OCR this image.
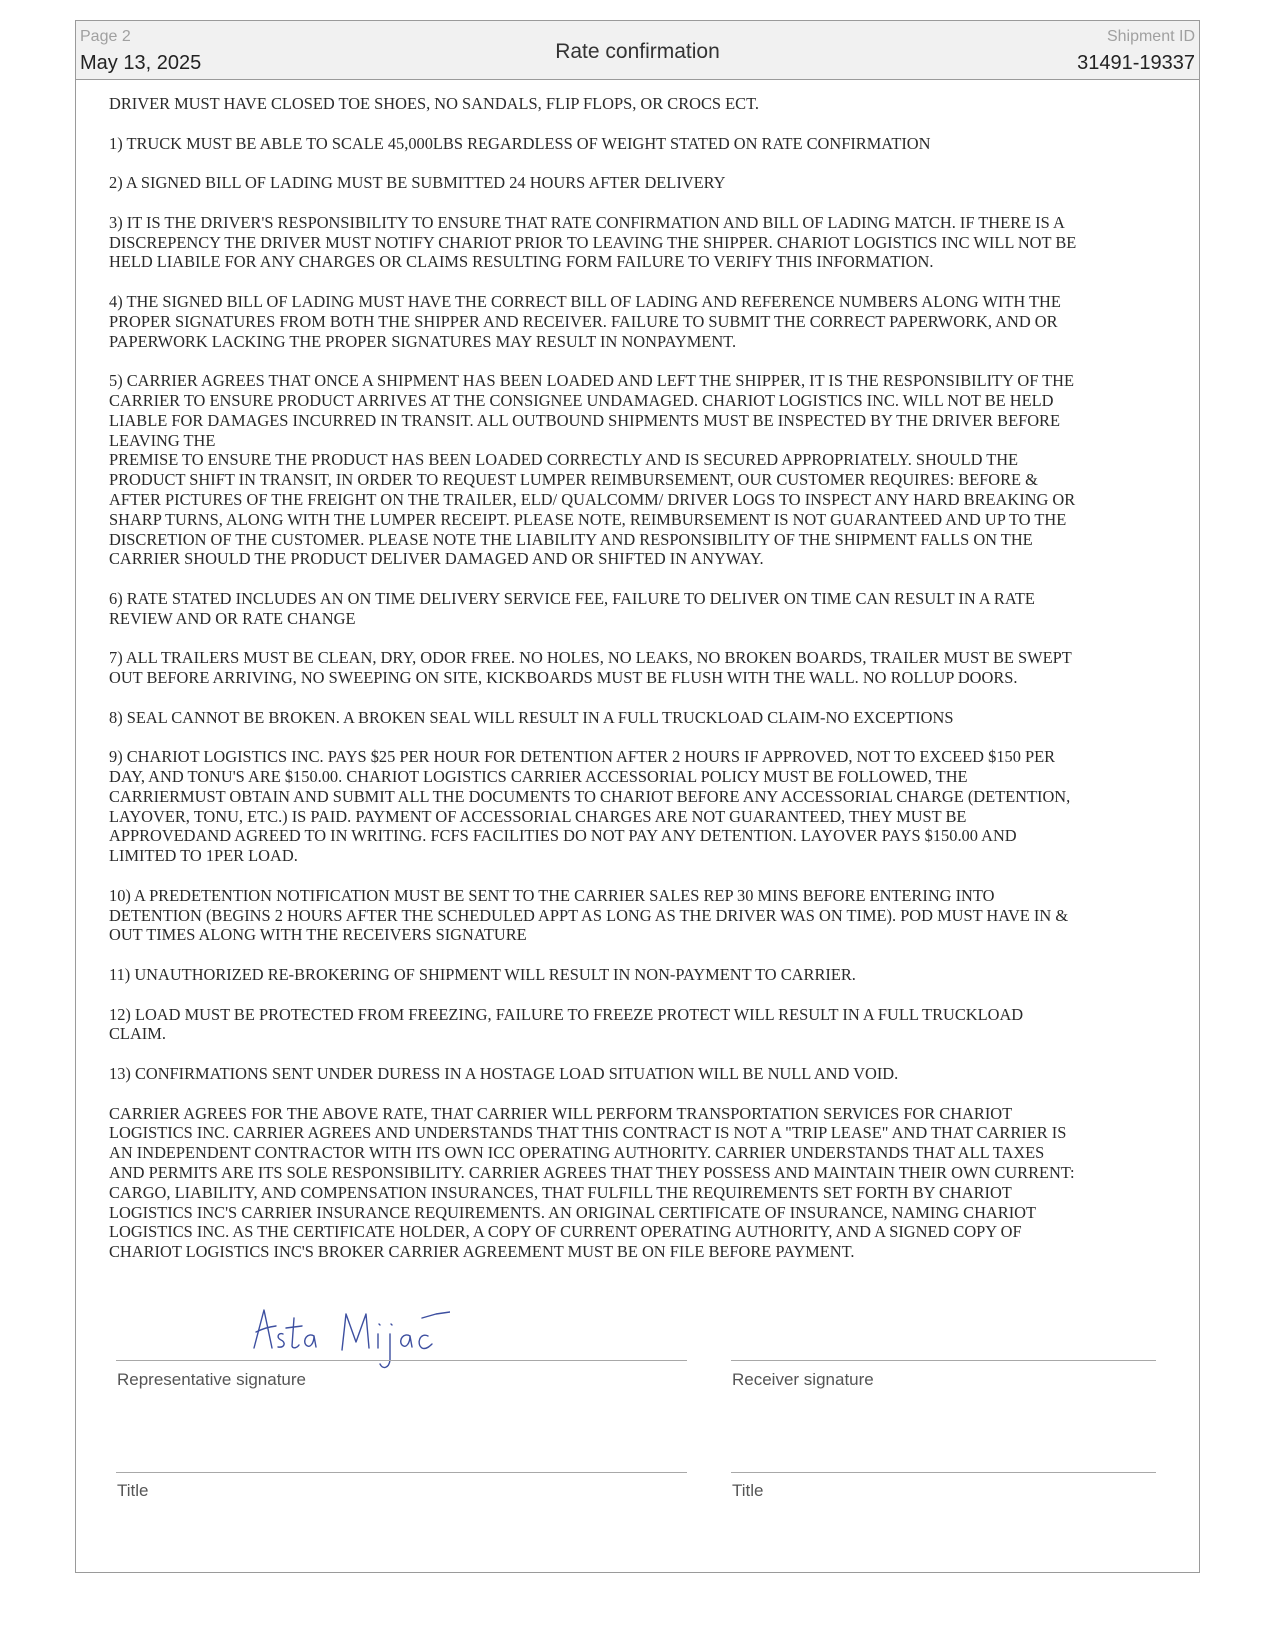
Page 2
May 13, 2025	Rate confirmation
Shipment ID
31491-19337

DRIVER MUST HAVE CLOSED TOE SHOES, NO SANDALS, FLIP FLOPS, OR CROCS ECT.

1) TRUCK MUST BE ABLE TO SCALE 45,000LBS REGARDLESS OF WEIGHT STATED ON RATE CONFIRMATION

2) A SIGNED BILL OF LADING MUST BE SUBMITTED 24 HOURS AFTER DELIVERY

3) IT IS THE DRIVER'S RESPONSIBILITY TO ENSURE THAT RATE CONFIRMATION AND BILL OF LADING MATCH. IF THERE IS A
DISCREPENCY THE DRIVER MUST NOTIFY CHARIOT PRIOR TO LEAVING THE SHIPPER. CHARIOT LOGISTICS INC WILL NOT BE
HELD LIABILE FOR ANY CHARGES OR CLAIMS RESULTING FORM FAILURE TO VERIFY THIS INFORMATION.

4) THE SIGNED BILL OF LADING MUST HAVE THE CORRECT BILL OF LADING AND REFERENCE NUMBERS ALONG WITH THE
PROPER SIGNATURES FROM BOTH THE SHIPPER AND RECEIVER. FAILURE TO SUBMIT THE CORRECT PAPERWORK, AND OR
PAPERWORK LACKING THE PROPER SIGNATURES MAY RESULT IN NONPAYMENT.

5) CARRIER AGREES THAT ONCE A SHIPMENT HAS BEEN LOADED AND LEFT THE SHIPPER, IT IS THE RESPONSIBILITY OF THE
CARRIER TO ENSURE PRODUCT ARRIVES AT THE CONSIGNEE UNDAMAGED. CHARIOT LOGISTICS INC. WILL NOT BE HELD
LIABLE FOR DAMAGES INCURRED IN TRANSIT. ALL OUTBOUND SHIPMENTS MUST BE INSPECTED BY THE DRIVER BEFORE
LEAVING THE
PREMISE TO ENSURE THE PRODUCT HAS BEEN LOADED CORRECTLY AND IS SECURED APPROPRIATELY. SHOULD THE
PRODUCT SHIFT IN TRANSIT, IN ORDER TO REQUEST LUMPER REIMBURSEMENT, OUR CUSTOMER REQUIRES: BEFORE &
AFTER PICTURES OF THE FREIGHT ON THE TRAILER, ELD/ QUALCOMM/ DRIVER LOGS TO INSPECT ANY HARD BREAKING OR
SHARP TURNS, ALONG WITH THE LUMPER RECEIPT. PLEASE NOTE, REIMBURSEMENT IS NOT GUARANTEED AND UP TO THE
DISCRETION OF THE CUSTOMER. PLEASE NOTE THE LIABILITY AND RESPONSIBILITY OF THE SHIPMENT FALLS ON THE
CARRIER SHOULD THE PRODUCT DELIVER DAMAGED AND OR SHIFTED IN ANYWAY.

6) RATE STATED INCLUDES AN ON TIME DELIVERY SERVICE FEE, FAILURE TO DELIVER ON TIME CAN RESULT IN A RATE
REVIEW AND OR RATE CHANGE

7) ALL TRAILERS MUST BE CLEAN, DRY, ODOR FREE. NO HOLES, NO LEAKS, NO BROKEN BOARDS, TRAILER MUST BE SWEPT
OUT BEFORE ARRIVING, NO SWEEPING ON SITE, KICKBOARDS MUST BE FLUSH WITH THE WALL. NO ROLLUP DOORS.

8) SEAL CANNOT BE BROKEN. A BROKEN SEAL WILL RESULT IN A FULL TRUCKLOAD CLAIM-NO EXCEPTIONS

9) CHARIOT LOGISTICS INC. PAYS $25 PER HOUR FOR DETENTION AFTER 2 HOURS IF APPROVED, NOT TO EXCEED $150 PER
DAY, AND TONU'S ARE $150.00. CHARIOT LOGISTICS CARRIER ACCESSORIAL POLICY MUST BE FOLLOWED, THE
CARRIERMUST OBTAIN AND SUBMIT ALL THE DOCUMENTS TO CHARIOT BEFORE ANY ACCESSORIAL CHARGE (DETENTION,
LAYOVER, TONU, ETC.) IS PAID. PAYMENT OF ACCESSORIAL CHARGES ARE NOT GUARANTEED, THEY MUST BE
APPROVEDAND AGREED TO IN WRITING. FCFS FACILITIES DO NOT PAY ANY DETENTION. LAYOVER PAYS $150.00 AND
LIMITED TO 1PER LOAD.

10) A PREDETENTION NOTIFICATION MUST BE SENT TO THE CARRIER SALES REP 30 MINS BEFORE ENTERING INTO
DETENTION (BEGINS 2 HOURS AFTER THE SCHEDULED APPT AS LONG AS THE DRIVER WAS ON TIME). POD MUST HAVE IN &
OUT TIMES ALONG WITH THE RECEIVERS SIGNATURE

11) UNAUTHORIZED RE-BROKERING OF SHIPMENT WILL RESULT IN NON-PAYMENT TO CARRIER.

12) LOAD MUST BE PROTECTED FROM FREEZING, FAILURE TO FREEZE PROTECT WILL RESULT IN A FULL TRUCKLOAD
CLAIM.

13) CONFIRMATIONS SENT UNDER DURESS IN A HOSTAGE LOAD SITUATION WILL BE NULL AND VOID.

CARRIER AGREES FOR THE ABOVE RATE, THAT CARRIER WILL PERFORM TRANSPORTATION SERVICES FOR CHARIOT
LOGISTICS INC. CARRIER AGREES AND UNDERSTANDS THAT THIS CONTRACT IS NOT A "TRIP LEASE" AND THAT CARRIER IS
AN INDEPENDENT CONTRACTOR WITH ITS OWN ICC OPERATING AUTHORITY. CARRIER UNDERSTANDS THAT ALL TAXES
AND PERMITS ARE ITS SOLE RESPONSIBILITY. CARRIER AGREES THAT THEY POSSESS AND MAINTAIN THEIR OWN CURRENT:
CARGO, LIABILITY, AND COMPENSATION INSURANCES, THAT FULFILL THE REQUIREMENTS SET FORTH BY CHARIOT
LOGISTICS INC'S CARRIER INSURANCE REQUIREMENTS. AN ORIGINAL CERTIFICATE OF INSURANCE, NAMING CHARIOT
LOGISTICS INC. AS THE CERTIFICATE HOLDER, A COPY OF CURRENT OPERATING AUTHORITY, AND A SIGNED COPY OF
CHARIOT LOGISTICS INC'S BROKER CARRIER AGREEMENT MUST BE ON FILE BEFORE PAYMENT.

Representative signature	Receiver signature
Title	Title
